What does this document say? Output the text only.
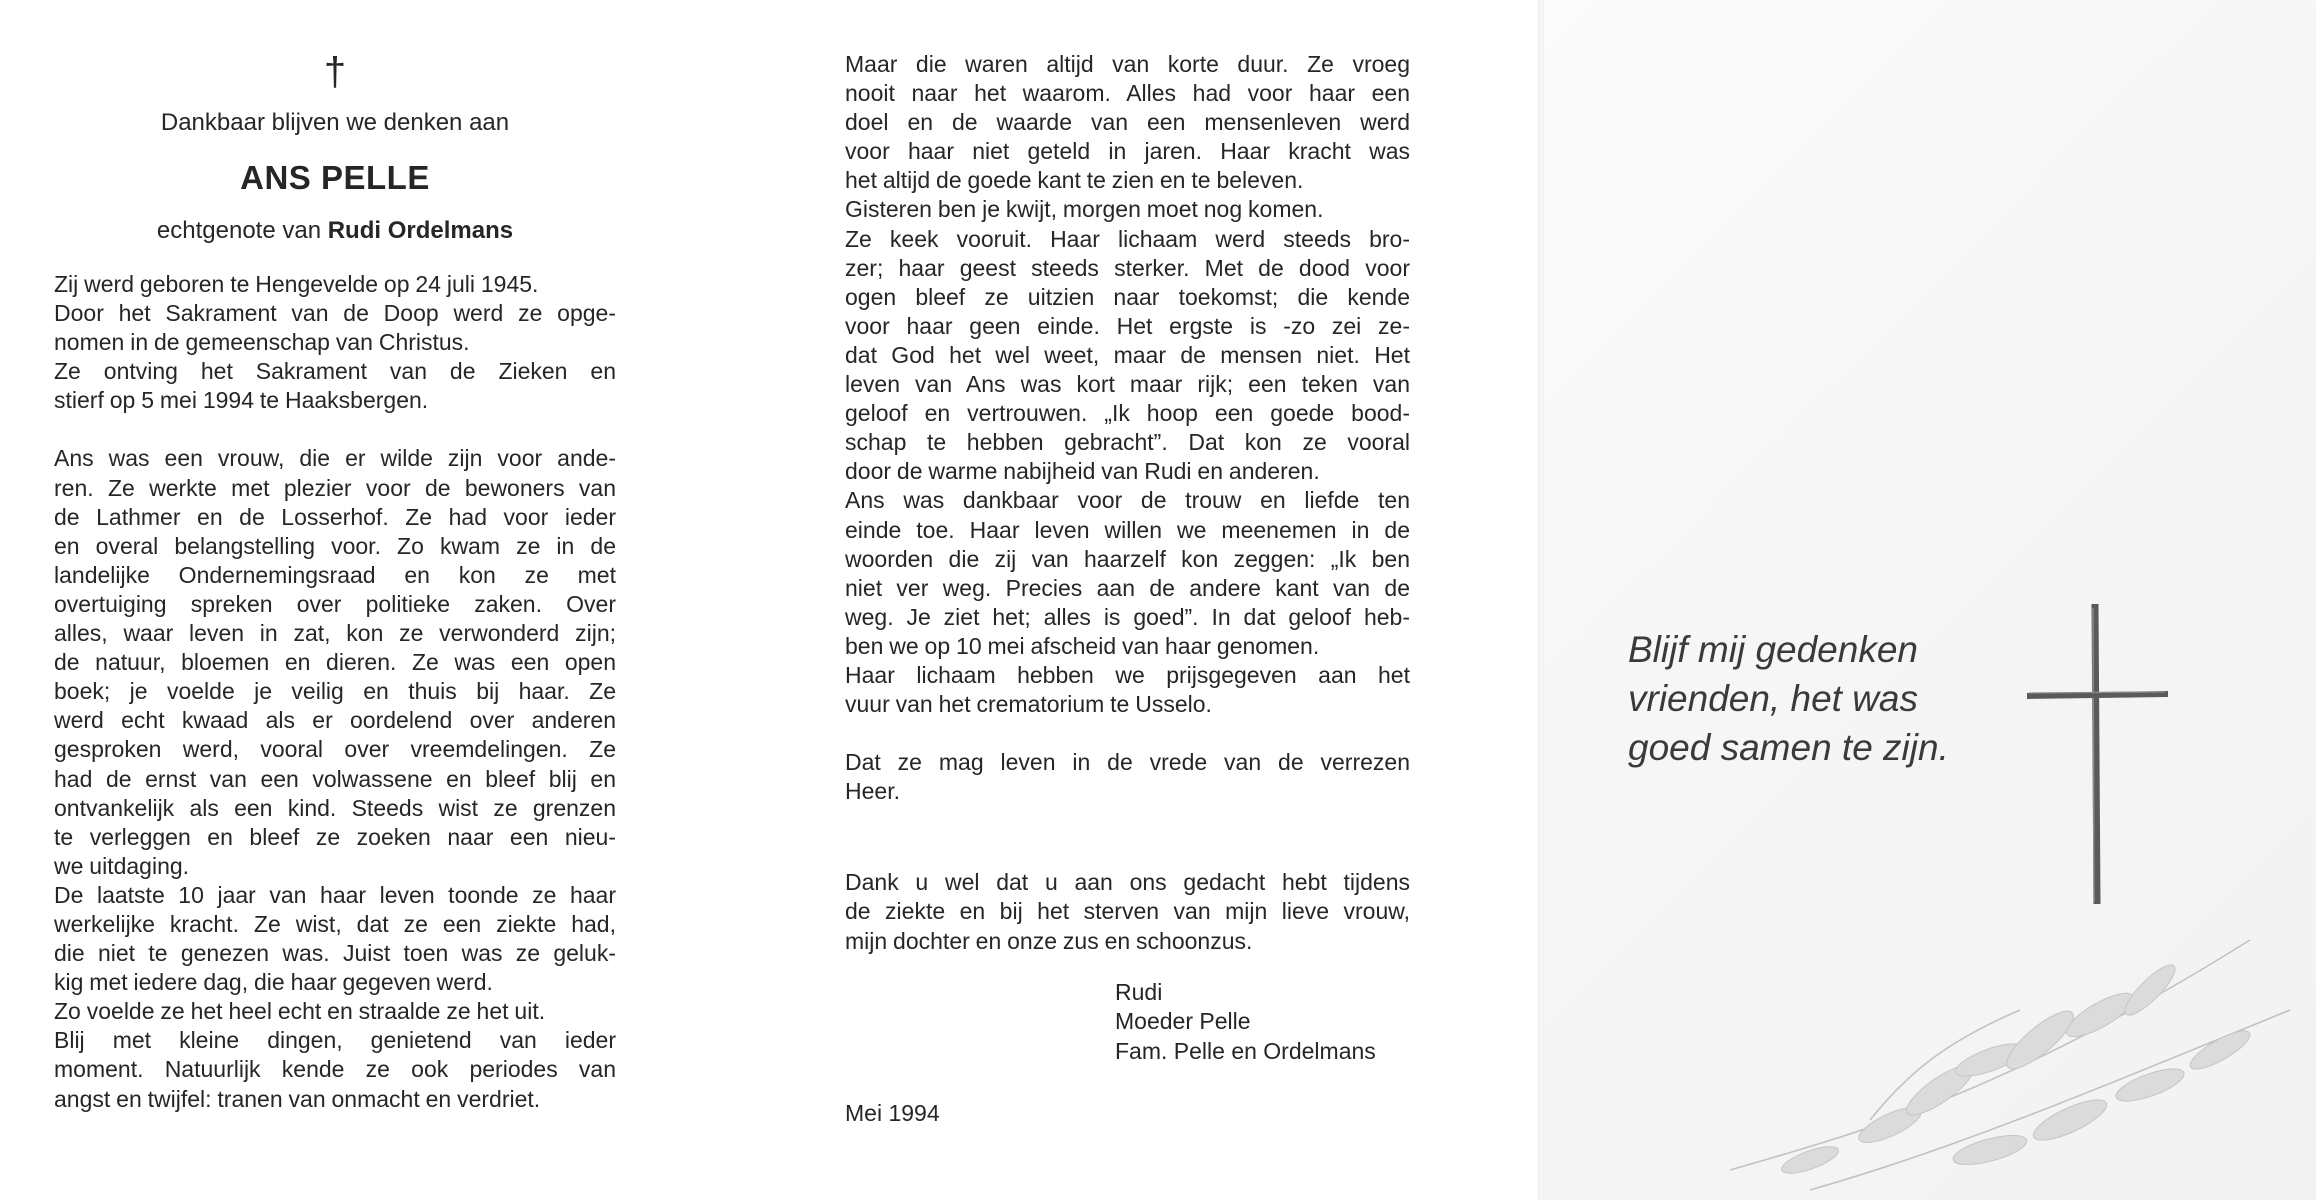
†
Dankbaar blijven we denken aan
ANS PELLE
echtgenote van Rudi Ordelmans

Zij werd geboren te Hengevelde op 24 juli 1945.
Door het Sakrament van de Doop werd ze opge-
nomen in de gemeenschap van Christus.
Ze ontving het Sakrament van de Zieken en
stierf op 5 mei 1994 te Haaksbergen.

Ans was een vrouw, die er wilde zijn voor ande-
ren. Ze werkte met plezier voor de bewoners van
de Lathmer en de Losserhof. Ze had voor ieder
en overal belangstelling voor. Zo kwam ze in de
landelijke Ondernemingsraad en kon ze met
overtuiging spreken over politieke zaken. Over
alles, waar leven in zat, kon ze verwonderd zijn;
de natuur, bloemen en dieren. Ze was een open
boek; je voelde je veilig en thuis bij haar. Ze
werd echt kwaad als er oordelend over anderen
gesproken werd, vooral over vreemdelingen. Ze
had de ernst van een volwassene en bleef blij en
ontvankelijk als een kind. Steeds wist ze grenzen
te verleggen en bleef ze zoeken naar een nieu-
we uitdaging.
De laatste 10 jaar van haar leven toonde ze haar
werkelijke kracht. Ze wist, dat ze een ziekte had,
die niet te genezen was. Juist toen was ze geluk-
kig met iedere dag, die haar gegeven werd.
Zo voelde ze het heel echt en straalde ze het uit.
Blij met kleine dingen, genietend van ieder
moment. Natuurlijk kende ze ook periodes van
angst en twijfel: tranen van onmacht en verdriet.

Maar die waren altijd van korte duur. Ze vroeg
nooit naar het waarom. Alles had voor haar een
doel en de waarde van een mensenleven werd
voor haar niet geteld in jaren. Haar kracht was
het altijd de goede kant te zien en te beleven.
Gisteren ben je kwijt, morgen moet nog komen.
Ze keek vooruit. Haar lichaam werd steeds bro-
zer; haar geest steeds sterker. Met de dood voor
ogen bleef ze uitzien naar toekomst; die kende
voor haar geen einde. Het ergste is -zo zei ze-
dat God het wel weet, maar de mensen niet. Het
leven van Ans was kort maar rijk; een teken van
geloof en vertrouwen. „Ik hoop een goede bood-
schap te hebben gebracht”. Dat kon ze vooral
door de warme nabijheid van Rudi en anderen.
Ans was dankbaar voor de trouw en liefde ten
einde toe. Haar leven willen we meenemen in de
woorden die zij van haarzelf kon zeggen: „Ik ben
niet ver weg. Precies aan de andere kant van de
weg. Je ziet het; alles is goed”. In dat geloof heb-
ben we op 10 mei afscheid van haar genomen.
Haar lichaam hebben we prijsgegeven aan het
vuur van het crematorium te Usselo.

Dat ze mag leven in de vrede van de verrezen
Heer.

Dank u wel dat u aan ons gedacht hebt tijdens
de ziekte en bij het sterven van mijn lieve vrouw,
mijn dochter en onze zus en schoonzus.

Rudi
Moeder Pelle
Fam. Pelle en Ordelmans
Mei 1994
Blijf mij gedenken
vrienden, het was
goed samen te zijn.
